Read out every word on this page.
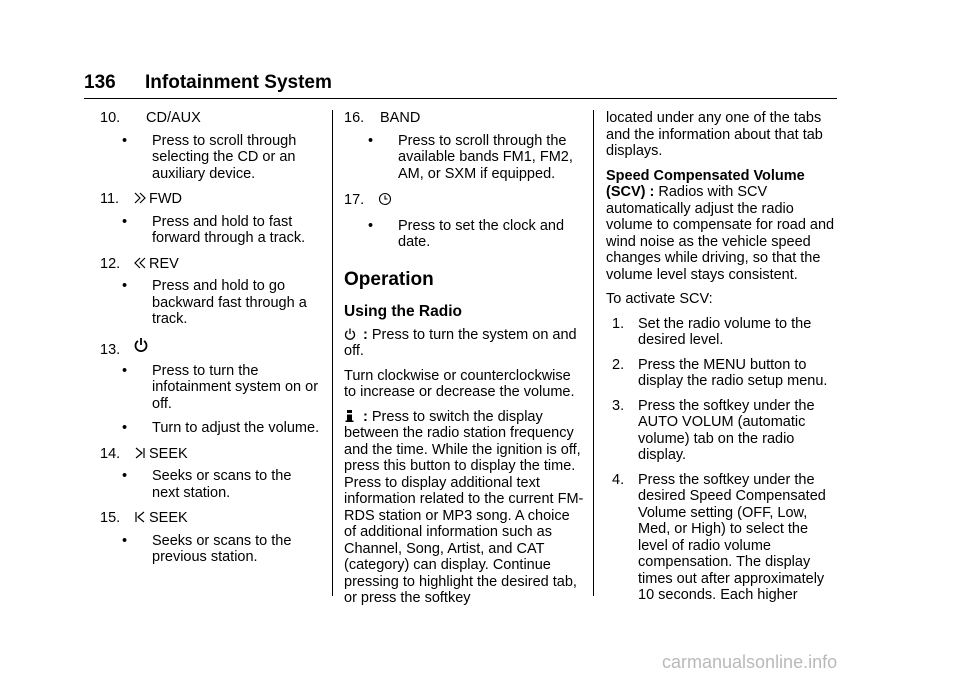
136 Infotainment System
10.	CD/AUX
• Press to scroll through selecting the CD or an auxiliary device.
11.	FWD
• Press and hold to fast forward through a track.
12.	REV
• Press and hold to go backward fast through a track.
13.
• Press to turn the infotainment system on or off.
• Turn to adjust the volume.
14.	SEEK
• Seeks or scans to the next station.
15.	SEEK
• Seeks or scans to the previous station.
16.	BAND
• Press to scroll through the available bands FM1, FM2, AM, or SXM if equipped.
17.
• Press to set the clock and date.
Operation
Using the Radio
: Press to turn the system on and off.
Turn clockwise or counterclockwise to increase or decrease the volume.
: Press to switch the display between the radio station frequency and the time. While the ignition is off, press this button to display the time. Press to display additional text information related to the current FM-RDS station or MP3 song. A choice of additional information such as Channel, Song, Artist, and CAT (category) can display. Continue pressing to highlight the desired tab, or press the softkey
located under any one of the tabs and the information about that tab displays.
Speed Compensated Volume (SCV) : Radios with SCV automatically adjust the radio volume to compensate for road and wind noise as the vehicle speed changes while driving, so that the volume level stays consistent.
To activate SCV:
1. Set the radio volume to the desired level.
2. Press the MENU button to display the radio setup menu.
3. Press the softkey under the AUTO VOLUM (automatic volume) tab on the radio display.
4. Press the softkey under the desired Speed Compensated Volume setting (OFF, Low, Med, or High) to select the level of radio volume compensation. The display times out after approximately 10 seconds. Each higher
carmanualsonline.info
